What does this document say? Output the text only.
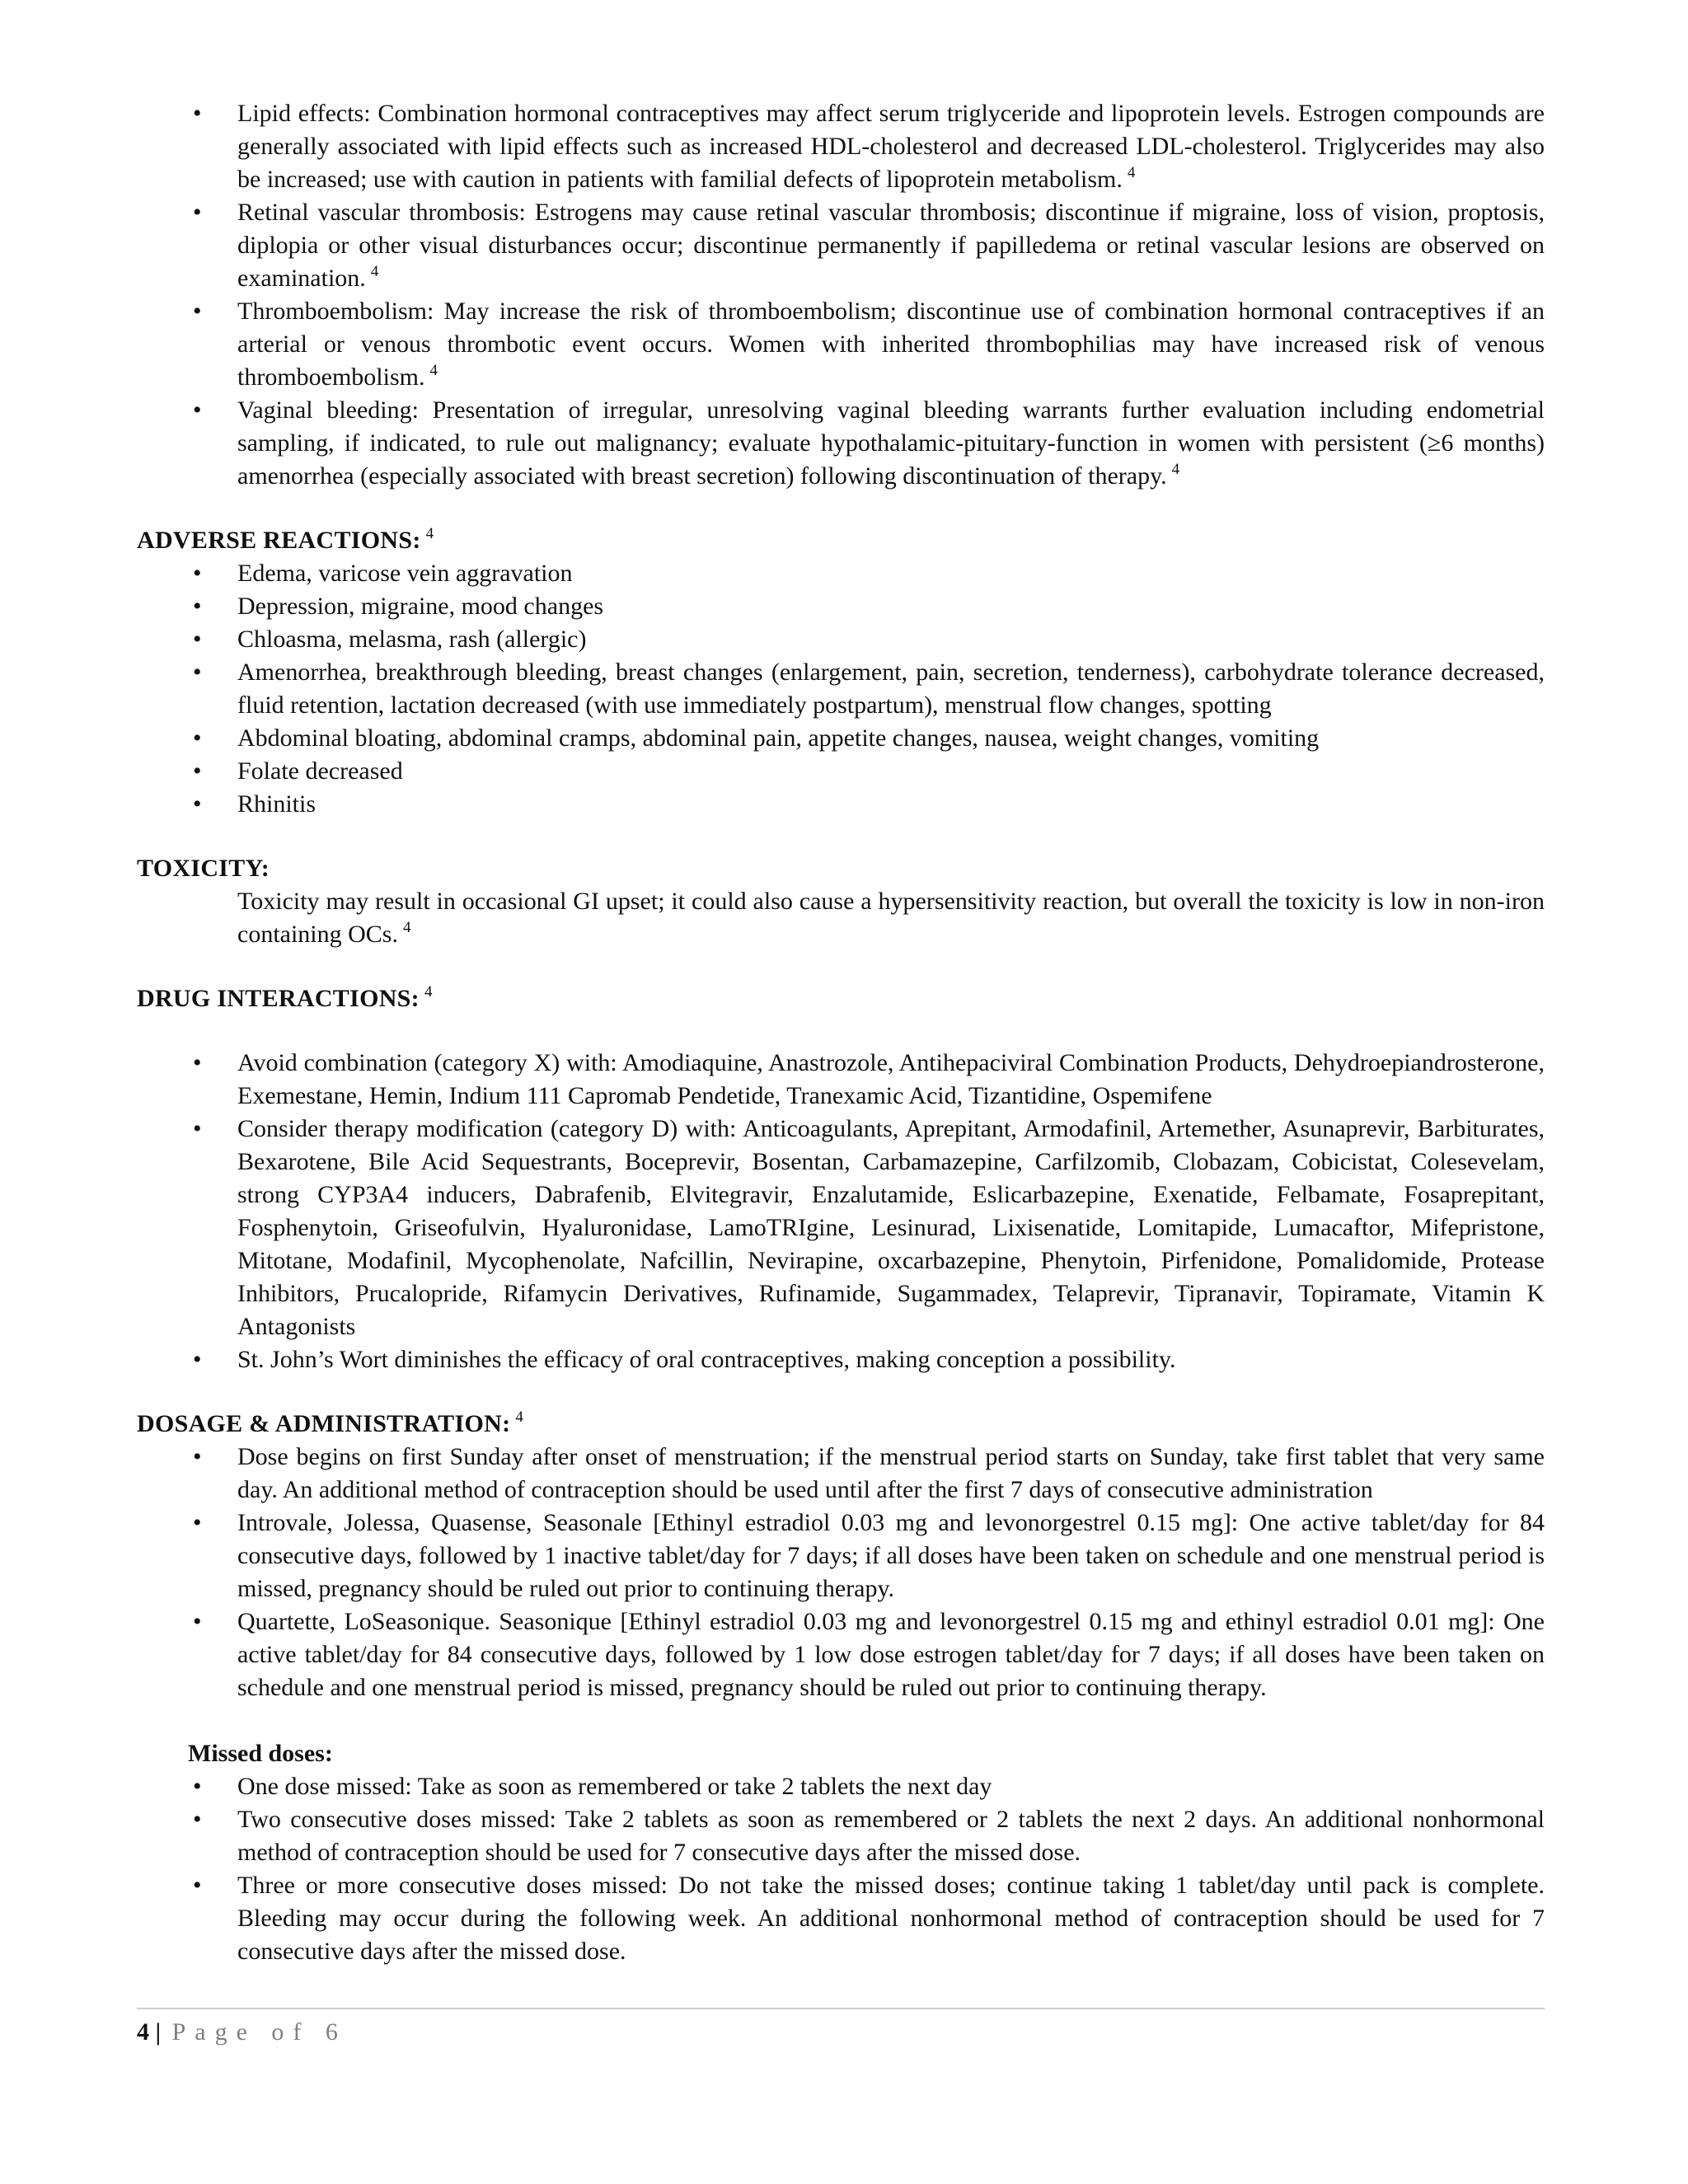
• Lipid effects: Combination hormonal contraceptives may affect serum triglyceride and lipoprotein levels. Estrogen compounds are generally associated with lipid effects such as increased HDL-cholesterol and decreased LDL-cholesterol. Triglycerides may also be increased; use with caution in patients with familial defects of lipoprotein metabolism. $^4$
• Retinal vascular thrombosis: Estrogens may cause retinal vascular thrombosis; discontinue if migraine, loss of vision, proptosis, diplopia or other visual disturbances occur; discontinue permanently if papilledema or retinal vascular lesions are observed on examination. $^4$
• Thromboembolism: May increase the risk of thromboembolism; discontinue use of combination hormonal contraceptives if an arterial or venous thrombotic event occurs. Women with inherited thrombophilias may have increased risk of venous thromboembolism. $^4$
• Vaginal bleeding: Presentation of irregular, unresolving vaginal bleeding warrants further evaluation including endometrial sampling, if indicated, to rule out malignancy; evaluate hypothalamic-pituitary-function in women with persistent (≥6 months) amenorrhea (especially associated with breast secretion) following discontinuation of therapy. $^4$
ADVERSE REACTIONS: $^4$
• Edema, varicose vein aggravation
• Depression, migraine, mood changes
• Chloasma, melasma, rash (allergic)
• Amenorrhea, breakthrough bleeding, breast changes (enlargement, pain, secretion, tenderness), carbohydrate tolerance decreased, fluid retention, lactation decreased (with use immediately postpartum), menstrual flow changes, spotting
• Abdominal bloating, abdominal cramps, abdominal pain, appetite changes, nausea, weight changes, vomiting
• Folate decreased
• Rhinitis
TOXICITY:
Toxicity may result in occasional GI upset; it could also cause a hypersensitivity reaction, but overall the toxicity is low in non-iron containing OCs. $^4$
DRUG INTERACTIONS: $^4$
• Avoid combination (category X) with: Amodiaquine, Anastrozole, Antihepaciviral Combination Products, Dehydroepiandrosterone, Exemestane, Hemin, Indium 111 Capromab Pendetide, Tranexamic Acid, Tizantidine, Ospemifene
• Consider therapy modification (category D) with: Anticoagulants, Aprepitant, Armodafinil, Artemether, Asunaprevir, Barbiturates, Bexarotene, Bile Acid Sequestrants, Boceprevir, Bosentan, Carbamazepine, Carfilzomib, Clobazam, Cobicistat, Colesevelam, strong CYP3A4 inducers, Dabrafenib, Elvitegravir, Enzalutamide, Eslicarbazepine, Exenatide, Felbamate, Fosaprepitant, Fosphenytoin, Griseofulvin, Hyaluronidase, LamoTRIgine, Lesinurad, Lixisenatide, Lomitapide, Lumacaftor, Mifepristone, Mitotane, Modafinil, Mycophenolate, Nafcillin, Nevirapine, oxcarbazepine, Phenytoin, Pirfenidone, Pomalidomide, Protease Inhibitors, Prucalopride, Rifamycin Derivatives, Rufinamide, Sugammadex, Telaprevir, Tipranavir, Topiramate, Vitamin K Antagonists
• St. John’s Wort diminishes the efficacy of oral contraceptives, making conception a possibility.
DOSAGE & ADMINISTRATION: $^4$
• Dose begins on first Sunday after onset of menstruation; if the menstrual period starts on Sunday, take first tablet that very same day. An additional method of contraception should be used until after the first 7 days of consecutive administration
• Introvale, Jolessa, Quasense, Seasonale [Ethinyl estradiol 0.03 mg and levonorgestrel 0.15 mg]: One active tablet/day for 84 consecutive days, followed by 1 inactive tablet/day for 7 days; if all doses have been taken on schedule and one menstrual period is missed, pregnancy should be ruled out prior to continuing therapy.
• Quartette, LoSeasonique. Seasonique [Ethinyl estradiol 0.03 mg and levonorgestrel 0.15 mg and ethinyl estradiol 0.01 mg]: One active tablet/day for 84 consecutive days, followed by 1 low dose estrogen tablet/day for 7 days; if all doses have been taken on schedule and one menstrual period is missed, pregnancy should be ruled out prior to continuing therapy.
Missed doses:
• One dose missed: Take as soon as remembered or take 2 tablets the next day
• Two consecutive doses missed: Take 2 tablets as soon as remembered or 2 tablets the next 2 days. An additional nonhormonal method of contraception should be used for 7 consecutive days after the missed dose.
• Three or more consecutive doses missed: Do not take the missed doses; continue taking 1 tablet/day until pack is complete. Bleeding may occur during the following week. An additional nonhormonal method of contraception should be used for 7 consecutive days after the missed dose.
4 | Page of 6
